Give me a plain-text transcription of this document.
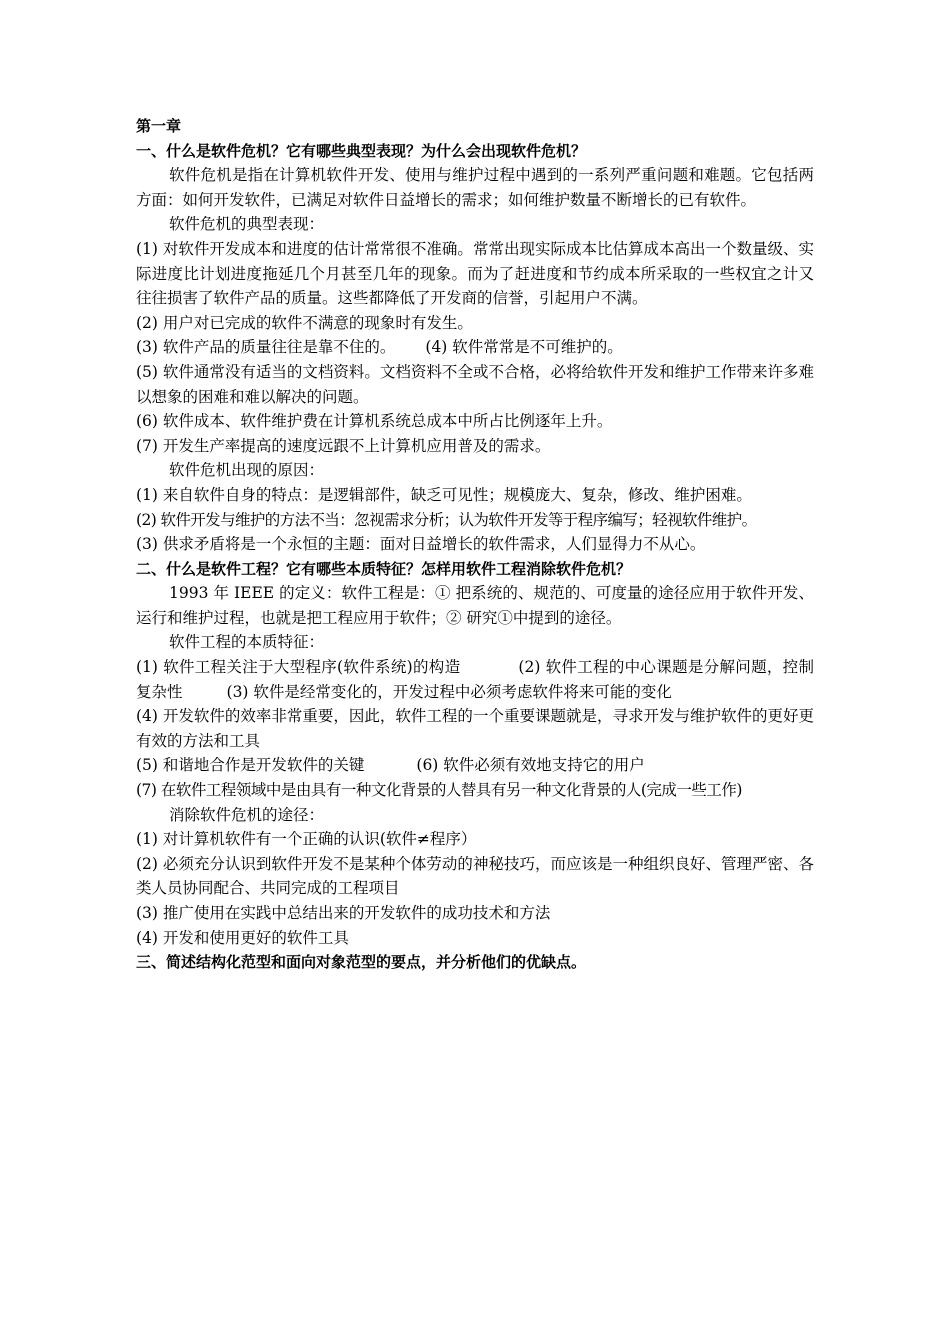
第一章

一、什么是软件危机？它有哪些典型表现？为什么会出现软件危机？

软件危机是指在计算机软件开发、使用与维护过程中遇到的一系列严重问题和难题。它包括两方面：如何开发软件，已满足对软件日益增长的需求；如何维护数量不断增长的已有软件。

软件危机的典型表现：

(1) 对软件开发成本和进度的估计常常很不准确。常常出现实际成本比估算成本高出一个数量级、实际进度比计划进度拖延几个月甚至几年的现象。而为了赶进度和节约成本所采取的一些权宜之计又往往损害了软件产品的质量。这些都降低了开发商的信誉，引起用户不满。

(2) 用户对已完成的软件不满意的现象时有发生。

(3) 软件产品的质量往往是靠不住的。 (4) 软件常常是不可维护的。

(5) 软件通常没有适当的文档资料。文档资料不全或不合格，必将给软件开发和维护工作带来许多难以想象的困难和难以解决的问题。

(6) 软件成本、软件维护费在计算机系统总成本中所占比例逐年上升。

(7) 开发生产率提高的速度远跟不上计算机应用普及的需求。

软件危机出现的原因：

(1) 来自软件自身的特点：是逻辑部件，缺乏可见性；规模庞大、复杂，修改、维护困难。

(2) 软件开发与维护的方法不当：忽视需求分析；认为软件开发等于程序编写；轻视软件维护。

(3) 供求矛盾将是一个永恒的主题：面对日益增长的软件需求，人们显得力不从心。

二、什么是软件工程？它有哪些本质特征？怎样用软件工程消除软件危机？

1993 年 IEEE 的定义：软件工程是：① 把系统的、规范的、可度量的途径应用于软件开发、运行和维护过程，也就是把工程应用于软件；② 研究①中提到的途径。

软件工程的本质特征：

(1) 软件工程关注于大型程序(软件系统)的构造	(2) 软件工程的中心课题是分解问题，控制复杂性	(3) 软件是经常变化的，开发过程中必须考虑软件将来可能的变化

(4) 开发软件的效率非常重要，因此，软件工程的一个重要课题就是，寻求开发与维护软件的更好更有效的方法和工具

(5) 和谐地合作是开发软件的关键	(6) 软件必须有效地支持它的用户

(7) 在软件工程领域中是由具有一种文化背景的人替具有另一种文化背景的人(完成一些工作)

消除软件危机的途径：

(1) 对计算机软件有一个正确的认识(软件≠程序）

(2) 必须充分认识到软件开发不是某种个体劳动的神秘技巧，而应该是一种组织良好、管理严密、各类人员协同配合、共同完成的工程项目

(3) 推广使用在实践中总结出来的开发软件的成功技术和方法

(4) 开发和使用更好的软件工具

三、简述结构化范型和面向对象范型的要点，并分析他们的优缺点。
